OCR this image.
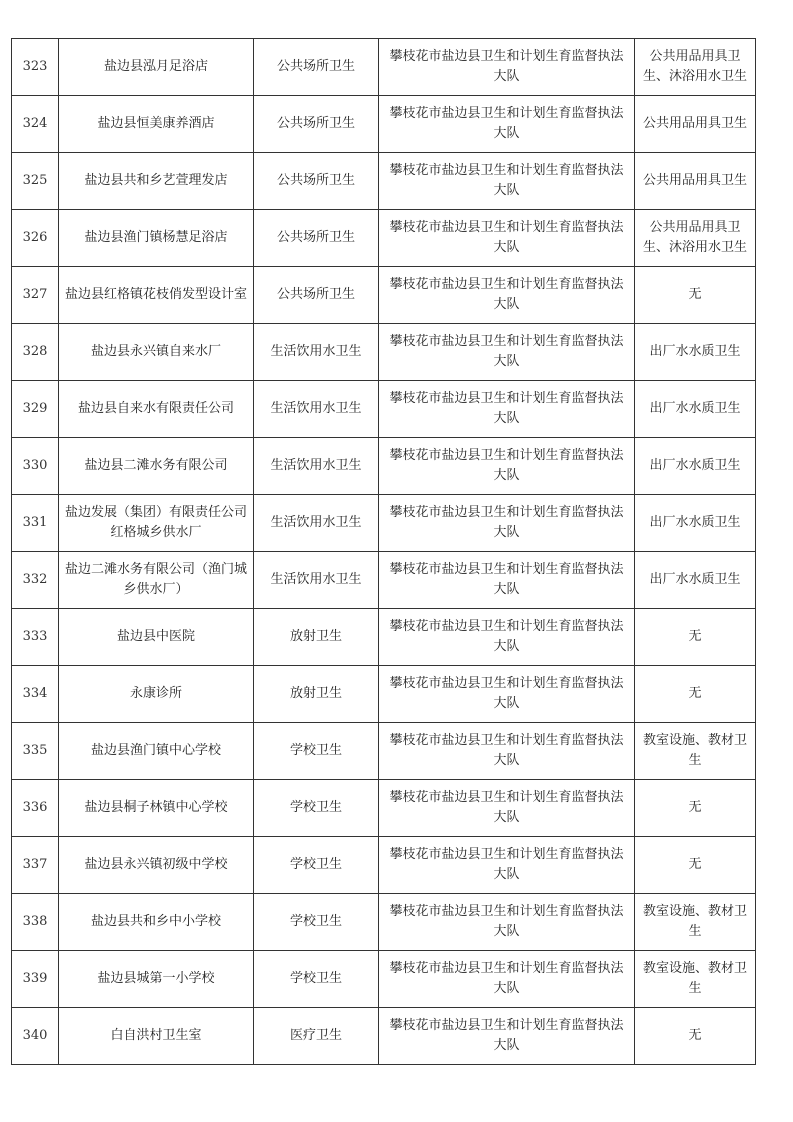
323	盐边县泓月足浴店	公共场所卫生	攀枝花市盐边县卫生和计划生育监督执法大队	公共用品用具卫生、沐浴用水卫生
324	盐边县恒美康养酒店	公共场所卫生	攀枝花市盐边县卫生和计划生育监督执法大队	公共用品用具卫生
325	盐边县共和乡艺萱理发店	公共场所卫生	攀枝花市盐边县卫生和计划生育监督执法大队	公共用品用具卫生
326	盐边县渔门镇杨慧足浴店	公共场所卫生	攀枝花市盐边县卫生和计划生育监督执法大队	公共用品用具卫生、沐浴用水卫生
327	盐边县红格镇花枝俏发型设计室	公共场所卫生	攀枝花市盐边县卫生和计划生育监督执法大队	无
328	盐边县永兴镇自来水厂	生活饮用水卫生	攀枝花市盐边县卫生和计划生育监督执法大队	出厂水水质卫生
329	盐边县自来水有限责任公司	生活饮用水卫生	攀枝花市盐边县卫生和计划生育监督执法大队	出厂水水质卫生
330	盐边县二滩水务有限公司	生活饮用水卫生	攀枝花市盐边县卫生和计划生育监督执法大队	出厂水水质卫生
331	盐边发展（集团）有限责任公司红格城乡供水厂	生活饮用水卫生	攀枝花市盐边县卫生和计划生育监督执法大队	出厂水水质卫生
332	盐边二滩水务有限公司（渔门城乡供水厂）	生活饮用水卫生	攀枝花市盐边县卫生和计划生育监督执法大队	出厂水水质卫生
333	盐边县中医院	放射卫生	攀枝花市盐边县卫生和计划生育监督执法大队	无
334	永康诊所	放射卫生	攀枝花市盐边县卫生和计划生育监督执法大队	无
335	盐边县渔门镇中心学校	学校卫生	攀枝花市盐边县卫生和计划生育监督执法大队	教室设施、教材卫生
336	盐边县桐子林镇中心学校	学校卫生	攀枝花市盐边县卫生和计划生育监督执法大队	无
337	盐边县永兴镇初级中学校	学校卫生	攀枝花市盐边县卫生和计划生育监督执法大队	无
338	盐边县共和乡中小学校	学校卫生	攀枝花市盐边县卫生和计划生育监督执法大队	教室设施、教材卫生
339	盐边县城第一小学校	学校卫生	攀枝花市盐边县卫生和计划生育监督执法大队	教室设施、教材卫生
340	白自洪村卫生室	医疗卫生	攀枝花市盐边县卫生和计划生育监督执法大队	无
